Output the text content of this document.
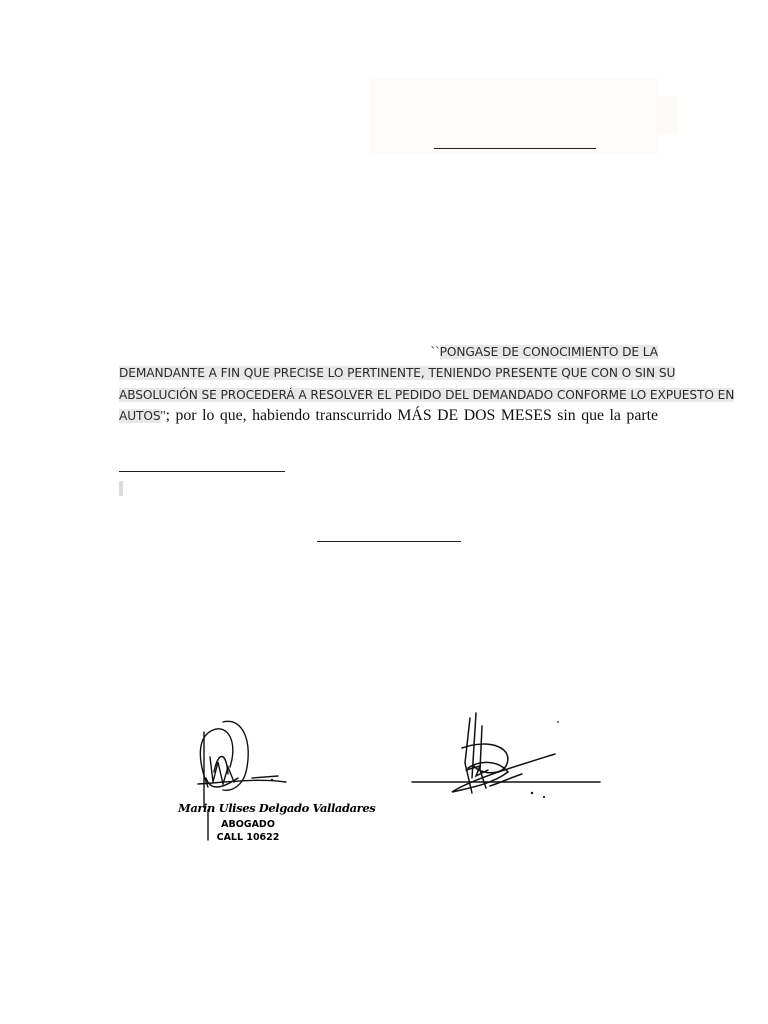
``PONGASE DE CONOCIMIENTO DE LA
DEMANDANTE A FIN QUE PRECISE LO PERTINENTE, TENIENDO PRESENTE QUE CON O SIN SU
ABSOLUCIÓN SE PROCEDERÁ A RESOLVER EL PEDIDO DEL DEMANDADO CONFORME LO EXPUESTO EN
AUTOS'' ; por lo que, habiendo transcurrido MÁS DE DOS MESES sin que la parte
Marin Ulises Delgado Valladares
ABOGADO
CALL 10622
